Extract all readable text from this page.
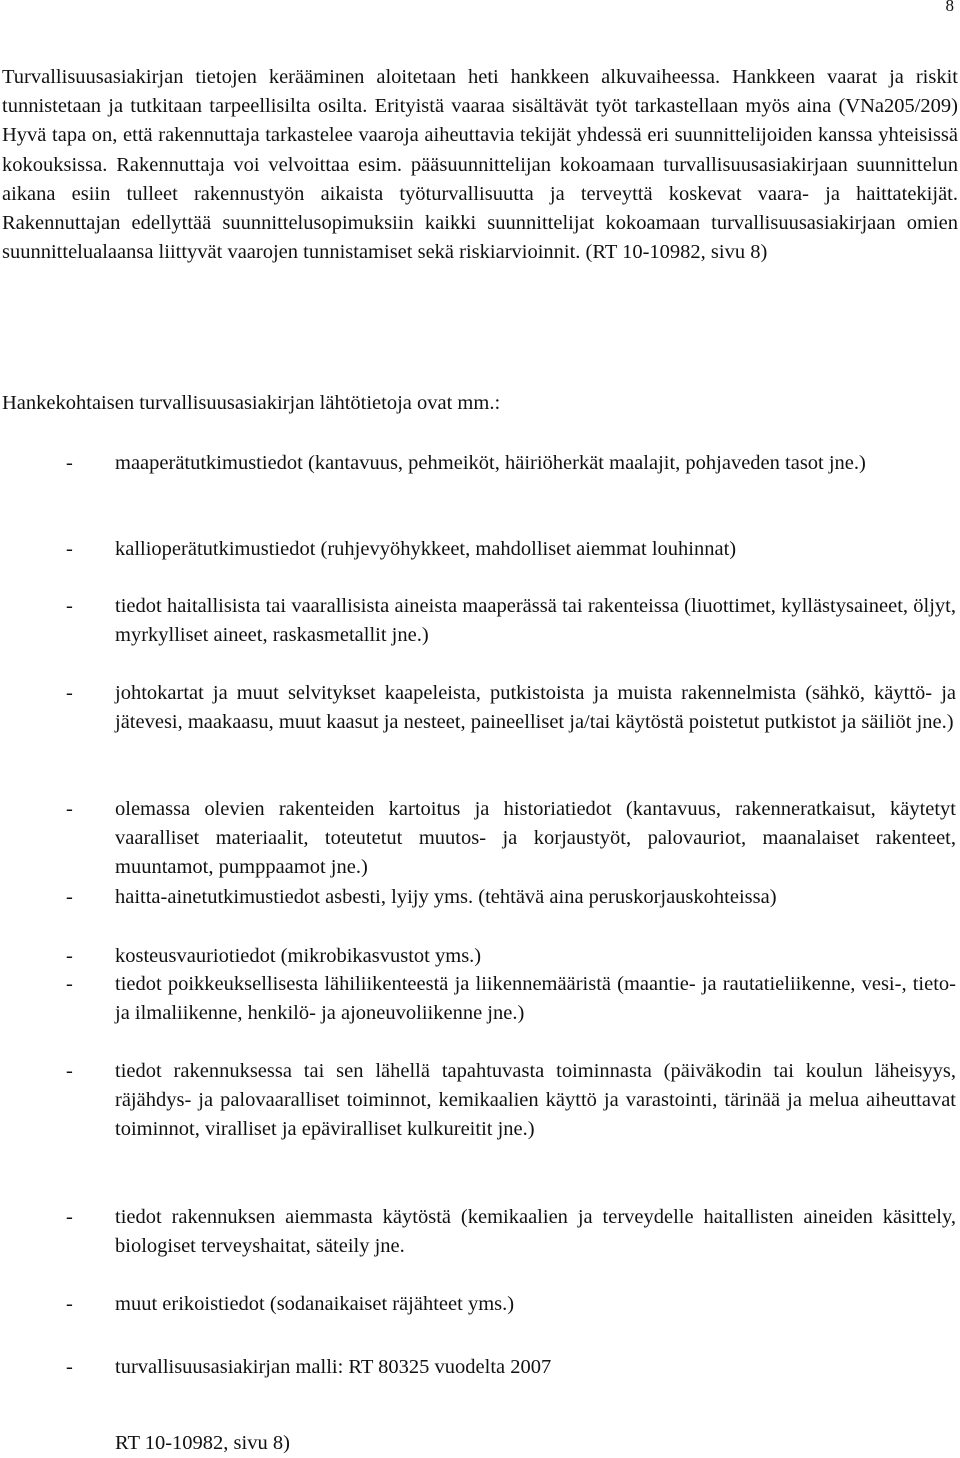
8

Turvallisuusasiakirjan tietojen kerääminen aloitetaan heti hankkeen alkuvaiheessa. Hankkeen vaarat ja riskit tunnistetaan ja tutkitaan tarpeellisilta osilta. Erityistä vaaraa sisältävät työt tarkastellaan myös aina (VNa205/209) Hyvä tapa on, että rakennuttaja tarkastelee vaaroja aiheuttavia tekijät yhdessä eri suunnittelijoiden kanssa yhteisissä kokouksissa. Rakennuttaja voi velvoittaa esim. pääsuunnittelijan kokoamaan turvallisuusasiakirjaan suunnittelun aikana esiin tulleet rakennustyön aikaista työturvallisuutta ja terveyttä koskevat vaara- ja haittatekijät. Rakennuttajan edellyttää suunnittelusopimuksiin kaikki suunnittelijat kokoamaan turvallisuusasiakirjaan omien suunnittelualaansa liittyvät vaarojen tunnistamiset sekä riskiarvioinnit. (RT 10-10982, sivu 8)

Hankekohtaisen turvallisuusasiakirjan lähtötietoja ovat mm.:

- maaperätutkimustiedot (kantavuus, pehmeiköt, häiriöherkät maalajit, pohjaveden tasot jne.)
- kallioperätutkimustiedot (ruhjevyöhykkeet, mahdolliset aiemmat louhinnat)
- tiedot haitallisista tai vaarallisista aineista maaperässä tai rakenteissa (liuottimet, kyllästysaineet, öljyt, myrkylliset aineet, raskasmetallit jne.)
- johtokartat ja muut selvitykset kaapeleista, putkistoista ja muista rakennelmista (sähkö, käyttö- ja jätevesi, maakaasu, muut kaasut ja nesteet, paineelliset ja/tai käytöstä poistetut putkistot ja säiliöt jne.)
- olemassa olevien rakenteiden kartoitus ja historiatiedot (kantavuus, rakenneratkaisut, käytetyt vaaralliset materiaalit, toteutetut muutos- ja korjaustyöt, palovauriot, maanalaiset rakenteet, muuntamot, pumppaamot jne.)
- haitta-ainetutkimustiedot asbesti, lyijy yms. (tehtävä aina peruskorjauskohteissa)
- kosteusvauriotiedot (mikrobikasvustot yms.)
- tiedot poikkeuksellisesta lähiliikenteestä ja liikennemääristä (maantie- ja rautatieliikenne, vesi-, tieto- ja ilmaliikenne, henkilö- ja ajoneuvoliikenne jne.)
- tiedot rakennuksessa tai sen lähellä tapahtuvasta toiminnasta (päiväkodin tai koulun läheisyys, räjähdys- ja palovaaralliset toiminnot, kemikaalien käyttö ja varastointi, tärinää ja melua aiheuttavat toiminnot, viralliset ja epäviralliset kulkureitit jne.)
- tiedot rakennuksen aiemmasta käytöstä (kemikaalien ja terveydelle haitallisten aineiden käsittely, biologiset terveyshaitat, säteily jne.
- muut erikoistiedot (sodanaikaiset räjähteet yms.)
- turvallisuusasiakirjan malli: RT 80325 vuodelta 2007
RT 10-10982, sivu 8)
